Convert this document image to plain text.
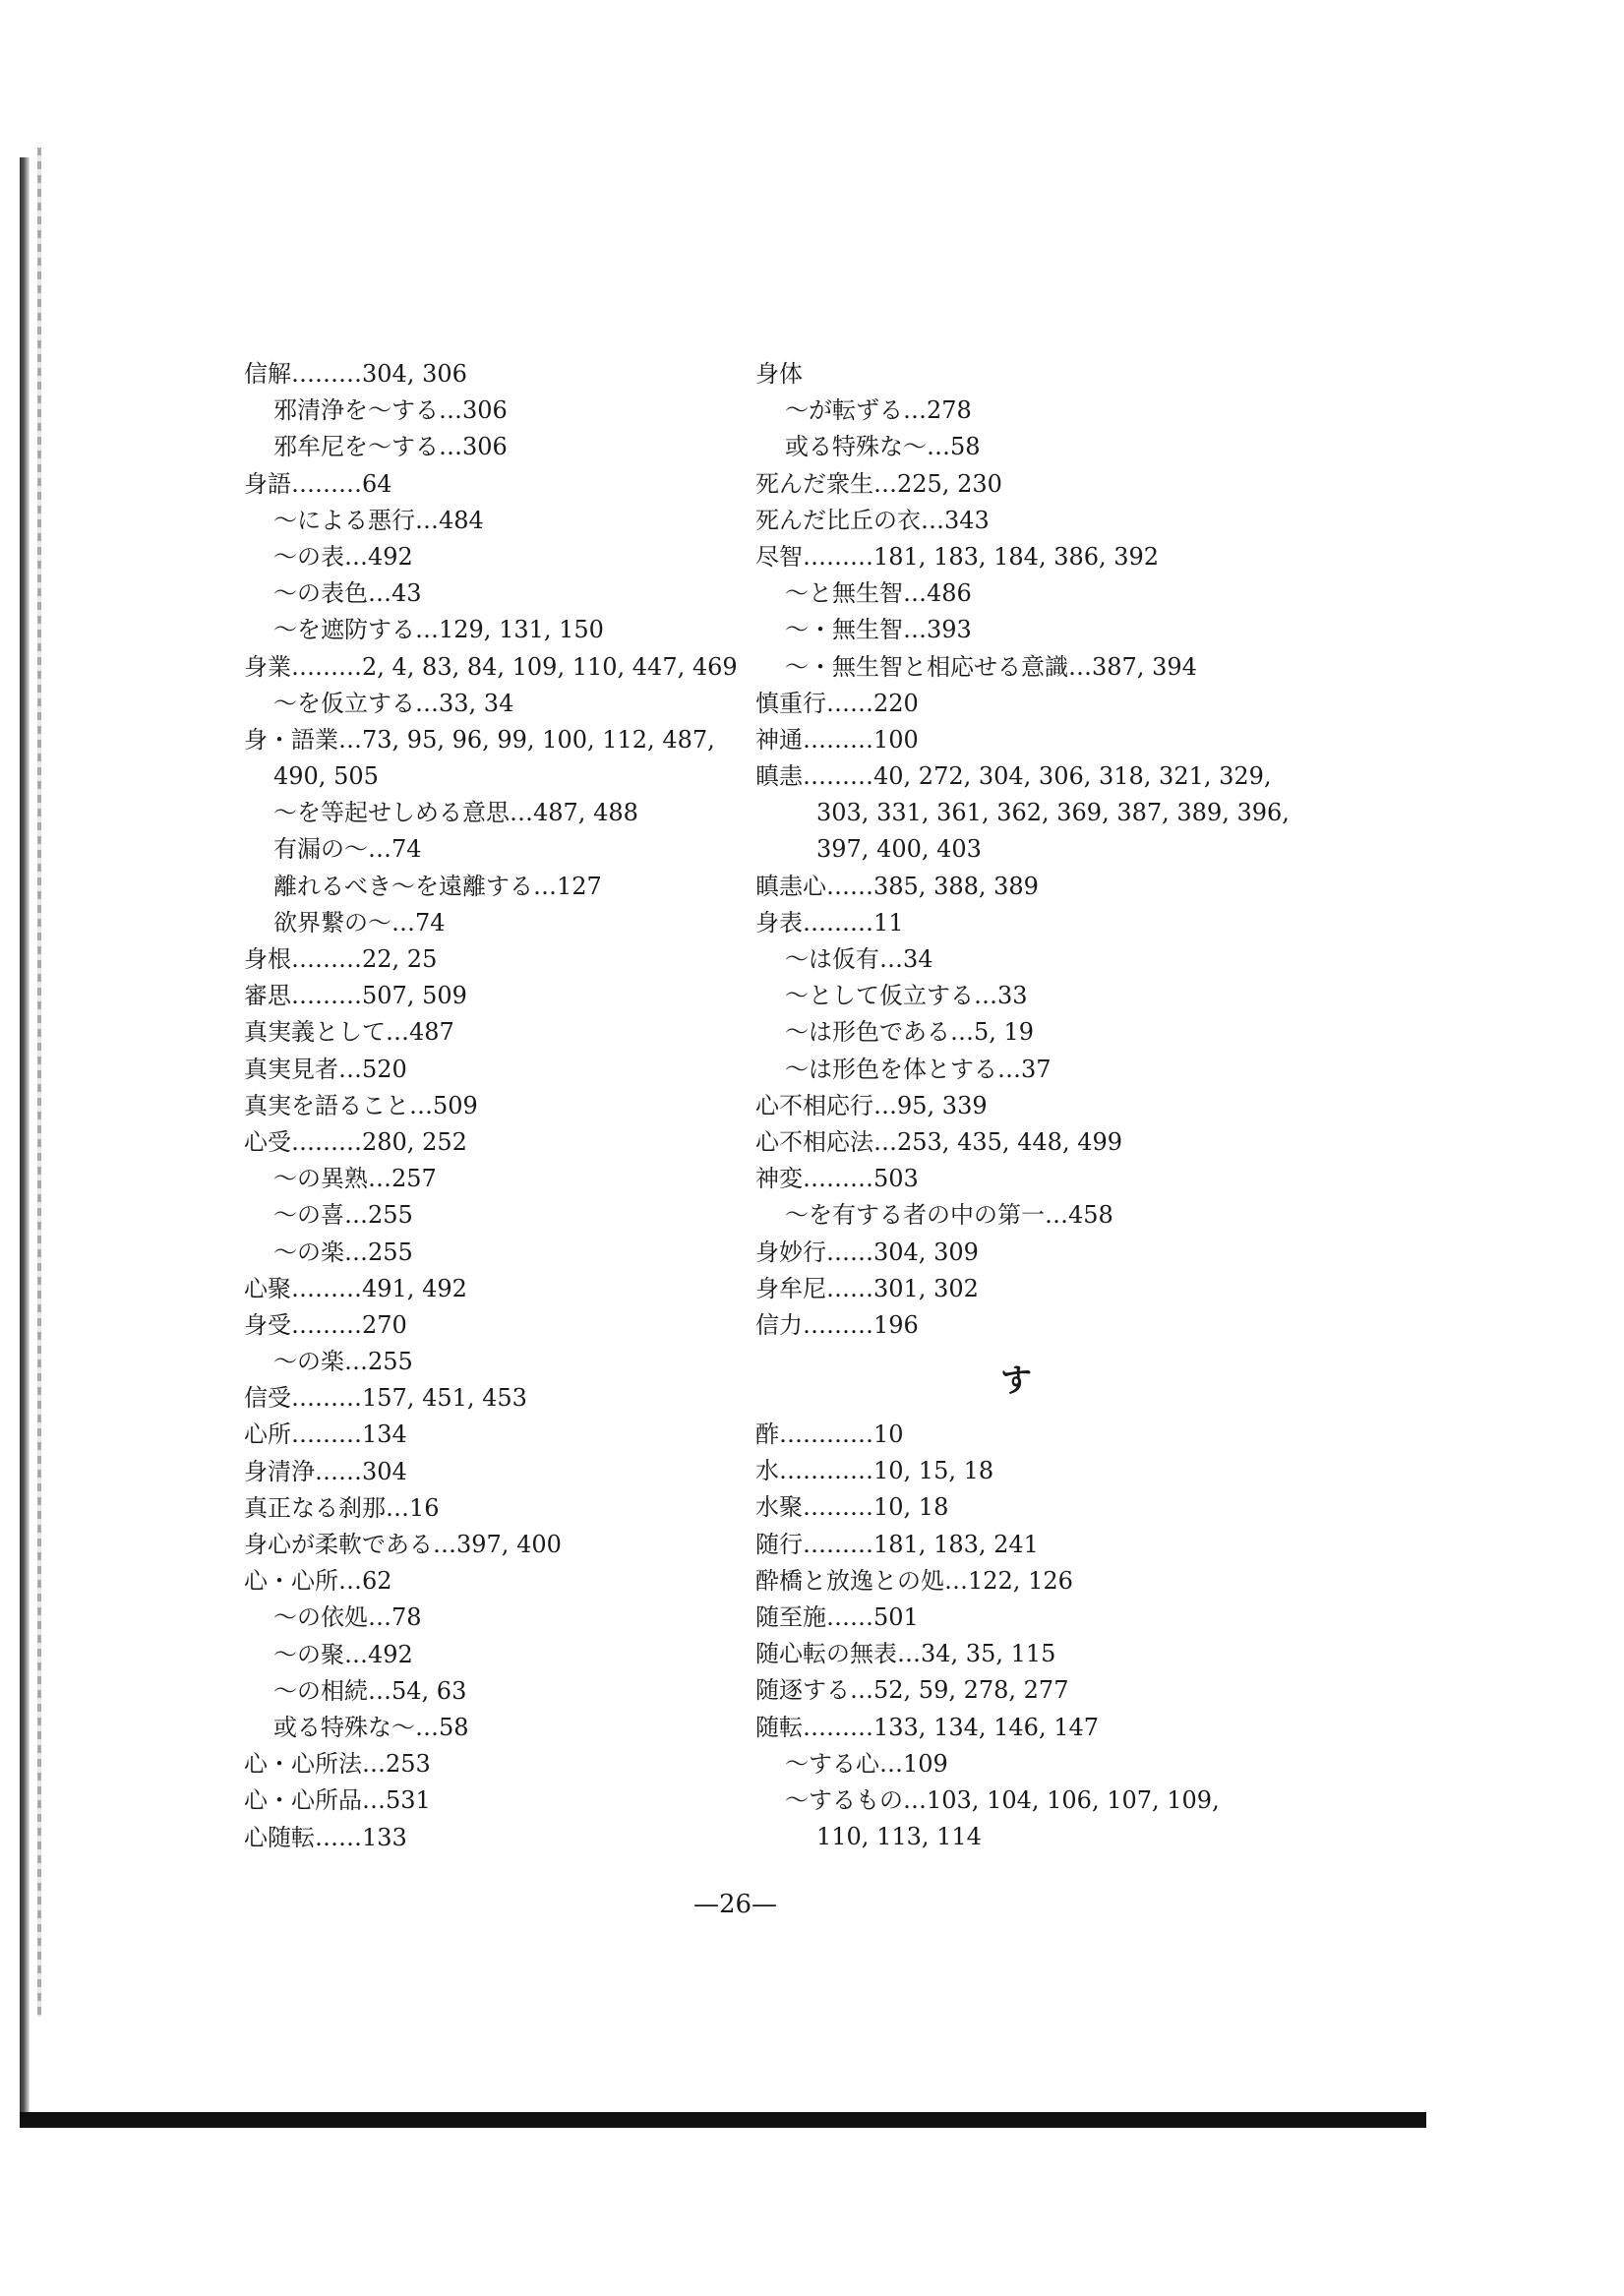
信解………304, 306
邪清浄を～する…306
邪牟尼を～する…306
身語………64
～による悪行…484
～の表…492
～の表色…43
～を遮防する…129, 131, 150
身業………2, 4, 83, 84, 109, 110, 447, 469
～を仮立する…33, 34
身・語業…73, 95, 96, 99, 100, 112, 487,
490, 505
～を等起せしめる意思…487, 488
有漏の～…74
離れるべき～を遠離する…127
欲界繋の～…74
身根………22, 25
審思………507, 509
真実義として…487
真実見者…520
真実を語ること…509
心受………280, 252
～の異熟…257
～の喜…255
～の楽…255
心聚………491, 492
身受………270
～の楽…255
信受………157, 451, 453
心所………134
身清浄……304
真正なる刹那…16
身心が柔軟である…397, 400
心・心所…62
～の依処…78
～の聚…492
～の相続…54, 63
或る特殊な～…58
心・心所法…253
心・心所品…531
心随転……133
身体
～が転ずる…278
或る特殊な～…58
死んだ衆生…225, 230
死んだ比丘の衣…343
尽智………181, 183, 184, 386, 392
～と無生智…486
～・無生智…393
～・無生智と相応せる意識…387, 394
慎重行……220
神通………100
瞋恚………40, 272, 304, 306, 318, 321, 329,
303, 331, 361, 362, 369, 387, 389, 396,
397, 400, 403
瞋恚心……385, 388, 389
身表………11
～は仮有…34
～として仮立する…33
～は形色である…5, 19
～は形色を体とする…37
心不相応行…95, 339
心不相応法…253, 435, 448, 499
神変………503
～を有する者の中の第一…458
身妙行……304, 309
身牟尼……301, 302
信力………196
す
酢…………10
水…………10, 15, 18
水聚………10, 18
随行………181, 183, 241
酔橋と放逸との処…122, 126
随至施……501
随心転の無表…34, 35, 115
随逐する…52, 59, 278, 277
随転………133, 134, 146, 147
～する心…109
～するもの…103, 104, 106, 107, 109,
110, 113, 114
—26—
